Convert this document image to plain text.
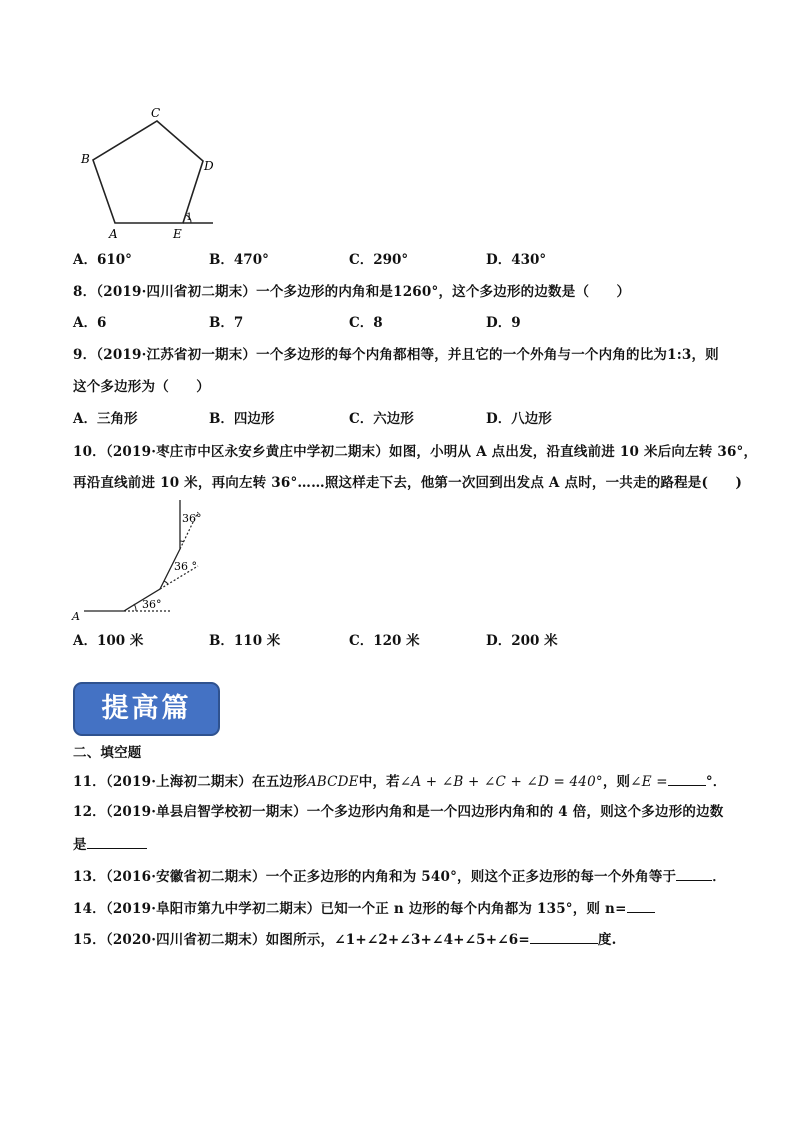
C
B	D
A	E
1
A．610°	B．470°	C．290°	D．430°
8．（2019·四川省初二期末）一个多边形的内角和是1260°，这个多边形的边数是（　　）
A．6	B．7	C．8	D．9
9．（2019·江苏省初一期末）一个多边形的每个内角都相等，并且它的一个外角与一个内角的比为1:3，则
这个多边形为（　　）
A．三角形	B．四边形	C．六边形	D．八边形
10．（2019·枣庄市中区永安乡黄庄中学初二期末）如图，小明从 A 点出发，沿直线前进 10 米后向左转 36°，
再沿直线前进 10 米，再向左转 36°……照这样走下去，他第一次回到出发点 A 点时，一共走的路程是(　　)
A
36°
36 °
36°
A．100 米	B．110 米	C．120 米	D．200 米
提高篇
二、填空题
11．（2019·上海初二期末）在五边形ABCDE中，若∠A + ∠B + ∠C + ∠D = 440°，则∠E =	°．
12．（2019·单县启智学校初一期末）一个多边形内角和是一个四边形内角和的 4 倍，则这个多边形的边数
是
13．（2016·安徽省初二期末）一个正多边形的内角和为 540°，则这个正多边形的每一个外角等于	．
14．（2019·阜阳市第九中学初二期末）已知一个正 n 边形的每个内角都为 135°，则 n=
15．（2020·四川省初二期末）如图所示，∠1+∠2+∠3+∠4+∠5+∠6=	度.
